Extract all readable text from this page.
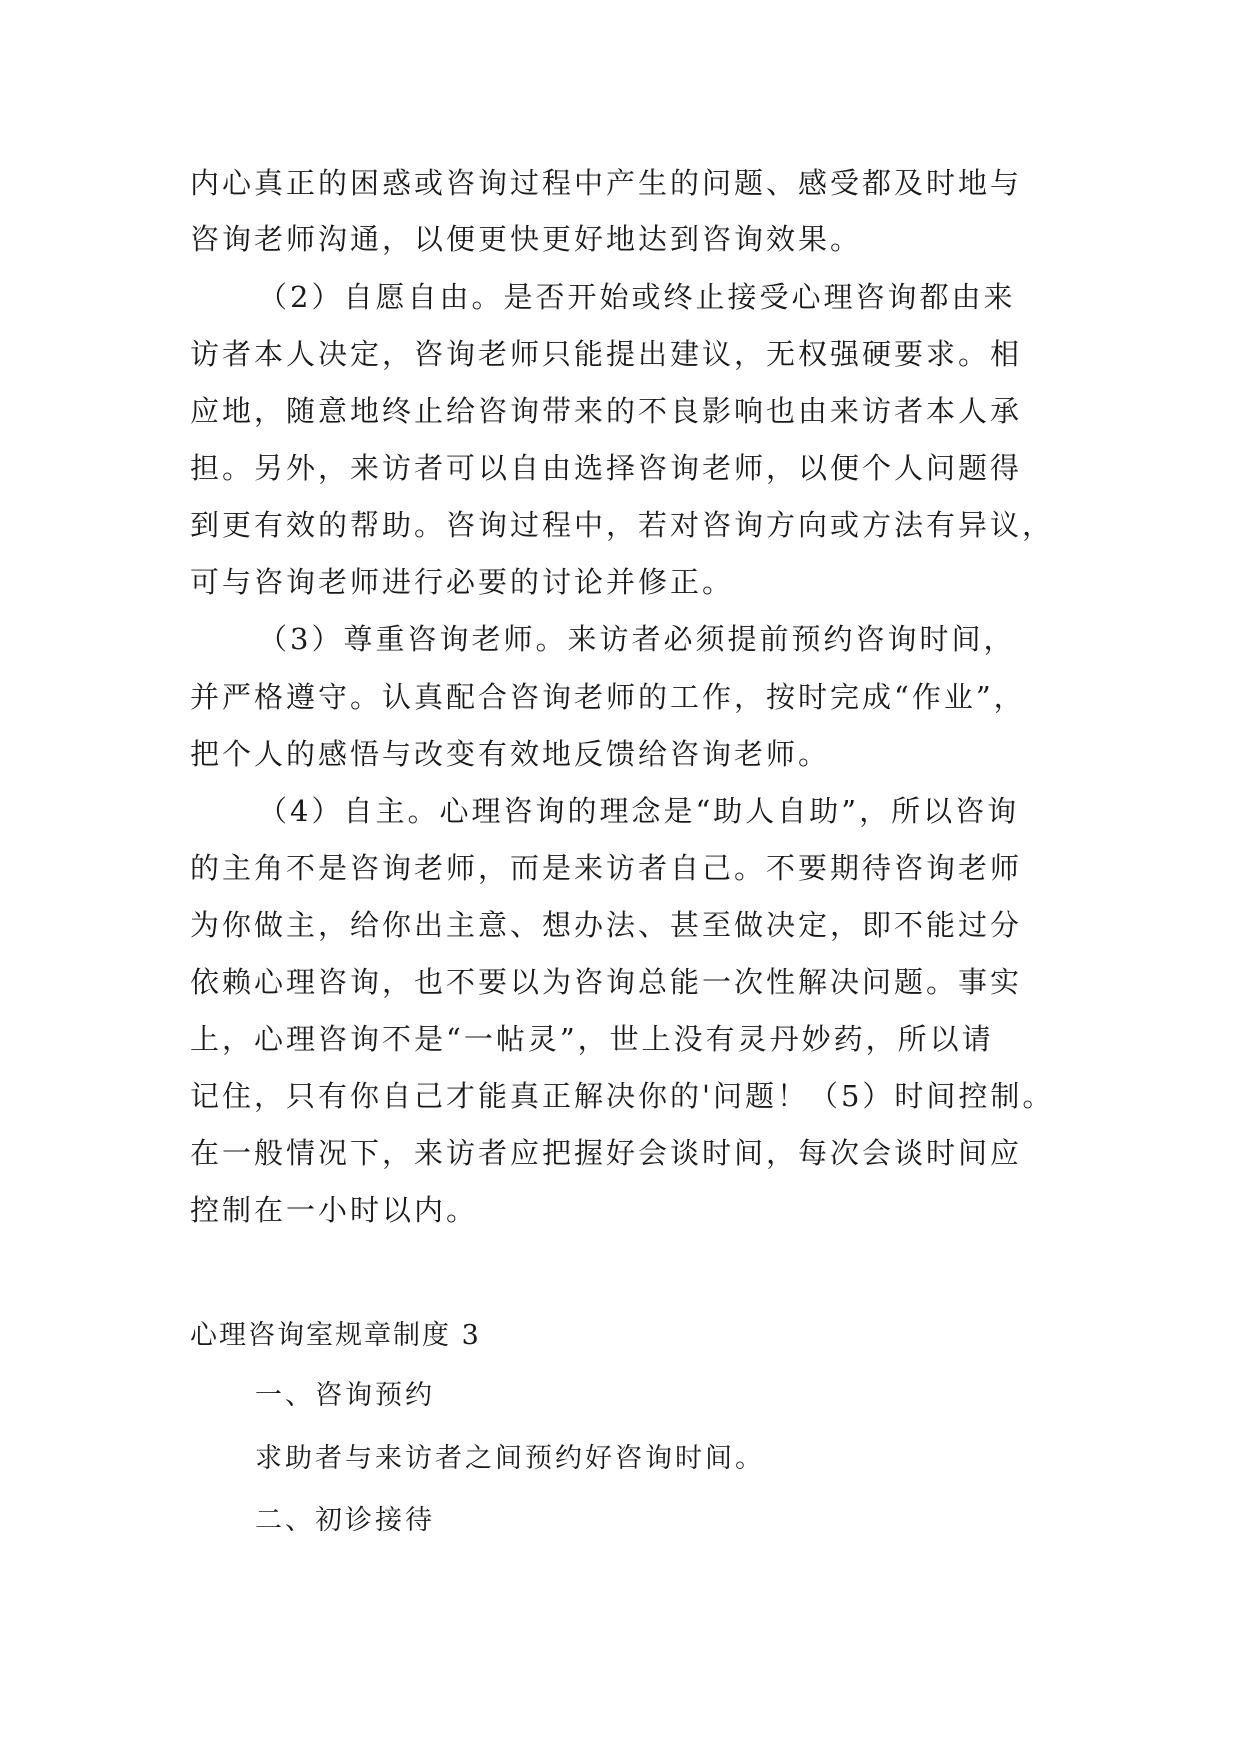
内心真正的困惑或咨询过程中产生的问题、感受都及时地与
咨询老师沟通，以便更快更好地达到咨询效果。
（2）自愿自由。是否开始或终止接受心理咨询都由来
访者本人决定，咨询老师只能提出建议，无权强硬要求。相
应地，随意地终止给咨询带来的不良影响也由来访者本人承
担。另外，来访者可以自由选择咨询老师，以便个人问题得
到更有效的帮助。咨询过程中，若对咨询方向或方法有异议，
可与咨询老师进行必要的讨论并修正。
（3）尊重咨询老师。来访者必须提前预约咨询时间，
并严格遵守。认真配合咨询老师的工作，按时完成“作业”，
把个人的感悟与改变有效地反馈给咨询老师。
（4）自主。心理咨询的理念是“助人自助”，所以咨询
的主角不是咨询老师，而是来访者自己。不要期待咨询老师
为你做主，给你出主意、想办法、甚至做决定，即不能过分
依赖心理咨询，也不要以为咨询总能一次性解决问题。事实
上，心理咨询不是“一帖灵”，世上没有灵丹妙药，所以请
记住，只有你自己才能真正解决你的'问题！（5）时间控制。
在一般情况下，来访者应把握好会谈时间，每次会谈时间应
控制在一小时以内。
心理咨询室规章制度 3
一、咨询预约
求助者与来访者之间预约好咨询时间。
二、初诊接待
